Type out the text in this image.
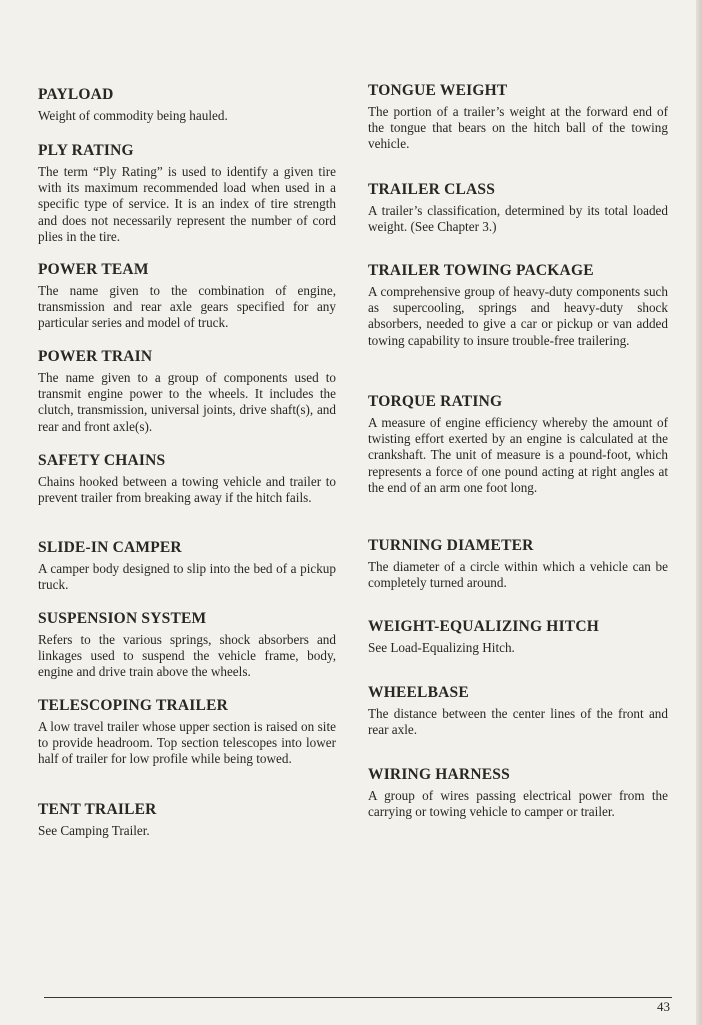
PAYLOAD

Weight of commodity being hauled.

PLY RATING

The term “Ply Rating” is used to identify a given tire with its maximum recommended load when used in a specific type of service. It is an index of tire strength and does not necessarily represent the number of cord plies in the tire.

POWER TEAM

The name given to the combination of engine, transmission and rear axle gears specified for any particular series and model of truck.

POWER TRAIN

The name given to a group of components used to transmit engine power to the wheels. It includes the clutch, transmission, universal joints, drive shaft(s), and rear and front axle(s).

SAFETY CHAINS

Chains hooked between a towing vehicle and trailer to prevent trailer from breaking away if the hitch fails.

SLIDE-IN CAMPER

A camper body designed to slip into the bed of a pickup truck.

SUSPENSION SYSTEM

Refers to the various springs, shock absorbers and linkages used to suspend the vehicle frame, body, engine and drive train above the wheels.

TELESCOPING TRAILER

A low travel trailer whose upper section is raised on site to provide headroom. Top section telescopes into lower half of trailer for low profile while being towed.

TENT TRAILER

See Camping Trailer.

TONGUE WEIGHT

The portion of a trailer’s weight at the forward end of the tongue that bears on the hitch ball of the towing vehicle.

TRAILER CLASS

A trailer’s classification, determined by its total loaded weight. (See Chapter 3.)

TRAILER TOWING PACKAGE

A comprehensive group of heavy-duty components such as supercooling, springs and heavy-duty shock absorbers, needed to give a car or pickup or van added towing capability to insure trouble-free trailering.

TORQUE RATING

A measure of engine efficiency whereby the amount of twisting effort exerted by an engine is calculated at the crankshaft. The unit of measure is a pound-foot, which represents a force of one pound acting at right angles at the end of an arm one foot long.

TURNING DIAMETER

The diameter of a circle within which a vehicle can be completely turned around.

WEIGHT-EQUALIZING HITCH

See Load-Equalizing Hitch.

WHEELBASE

The distance between the center lines of the front and rear axle.

WIRING HARNESS

A group of wires passing electrical power from the carrying or towing vehicle to camper or trailer.

43
